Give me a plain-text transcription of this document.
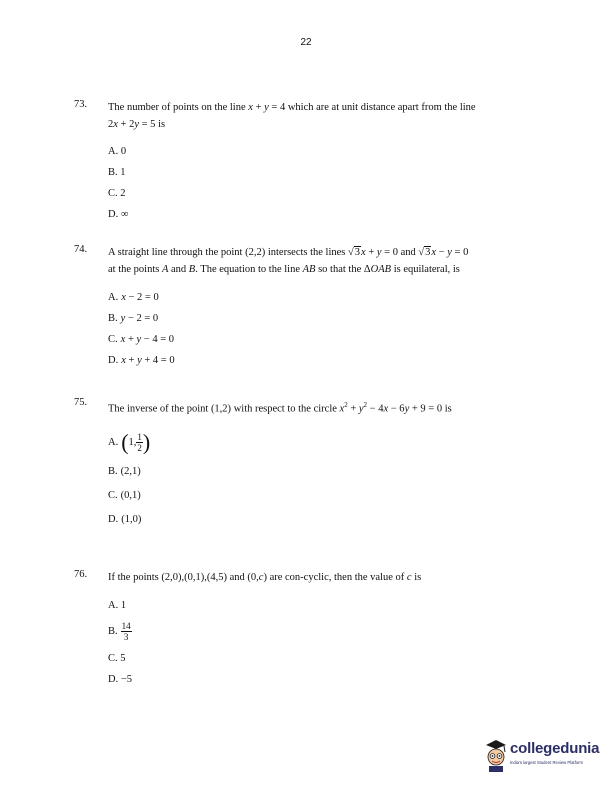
22
73. The number of points on the line x + y = 4 which are at unit distance apart from the line
2x + 2y = 5 is
A. 0
B. 1
C. 2
D. ∞
74. A straight line through the point (2,2) intersects the lines √3x + y = 0 and √3x − y = 0
at the points A and B. The equation to the line AB so that the ΔOAB is equilateral, is
A. x − 2 = 0
B. y − 2 = 0
C. x + y − 4 = 0
D. x + y + 4 = 0
75.
The inverse of the point (1,2) with respect to the circle $x^2 + y^2 - 4x - 6y + 9 = 0$ is
A. (1, $\frac{1}{2}$ )
B. (2,1)
C. (0,1)
D. (1,0)
76. If the points (2,0),(0,1),(4,5) and (0,c) are con-cyclic, then the value of c is
A. 1
B. $\frac{14}{3}$
C. 5
D. −5
collegedunia
India's largest Student Review Platform
